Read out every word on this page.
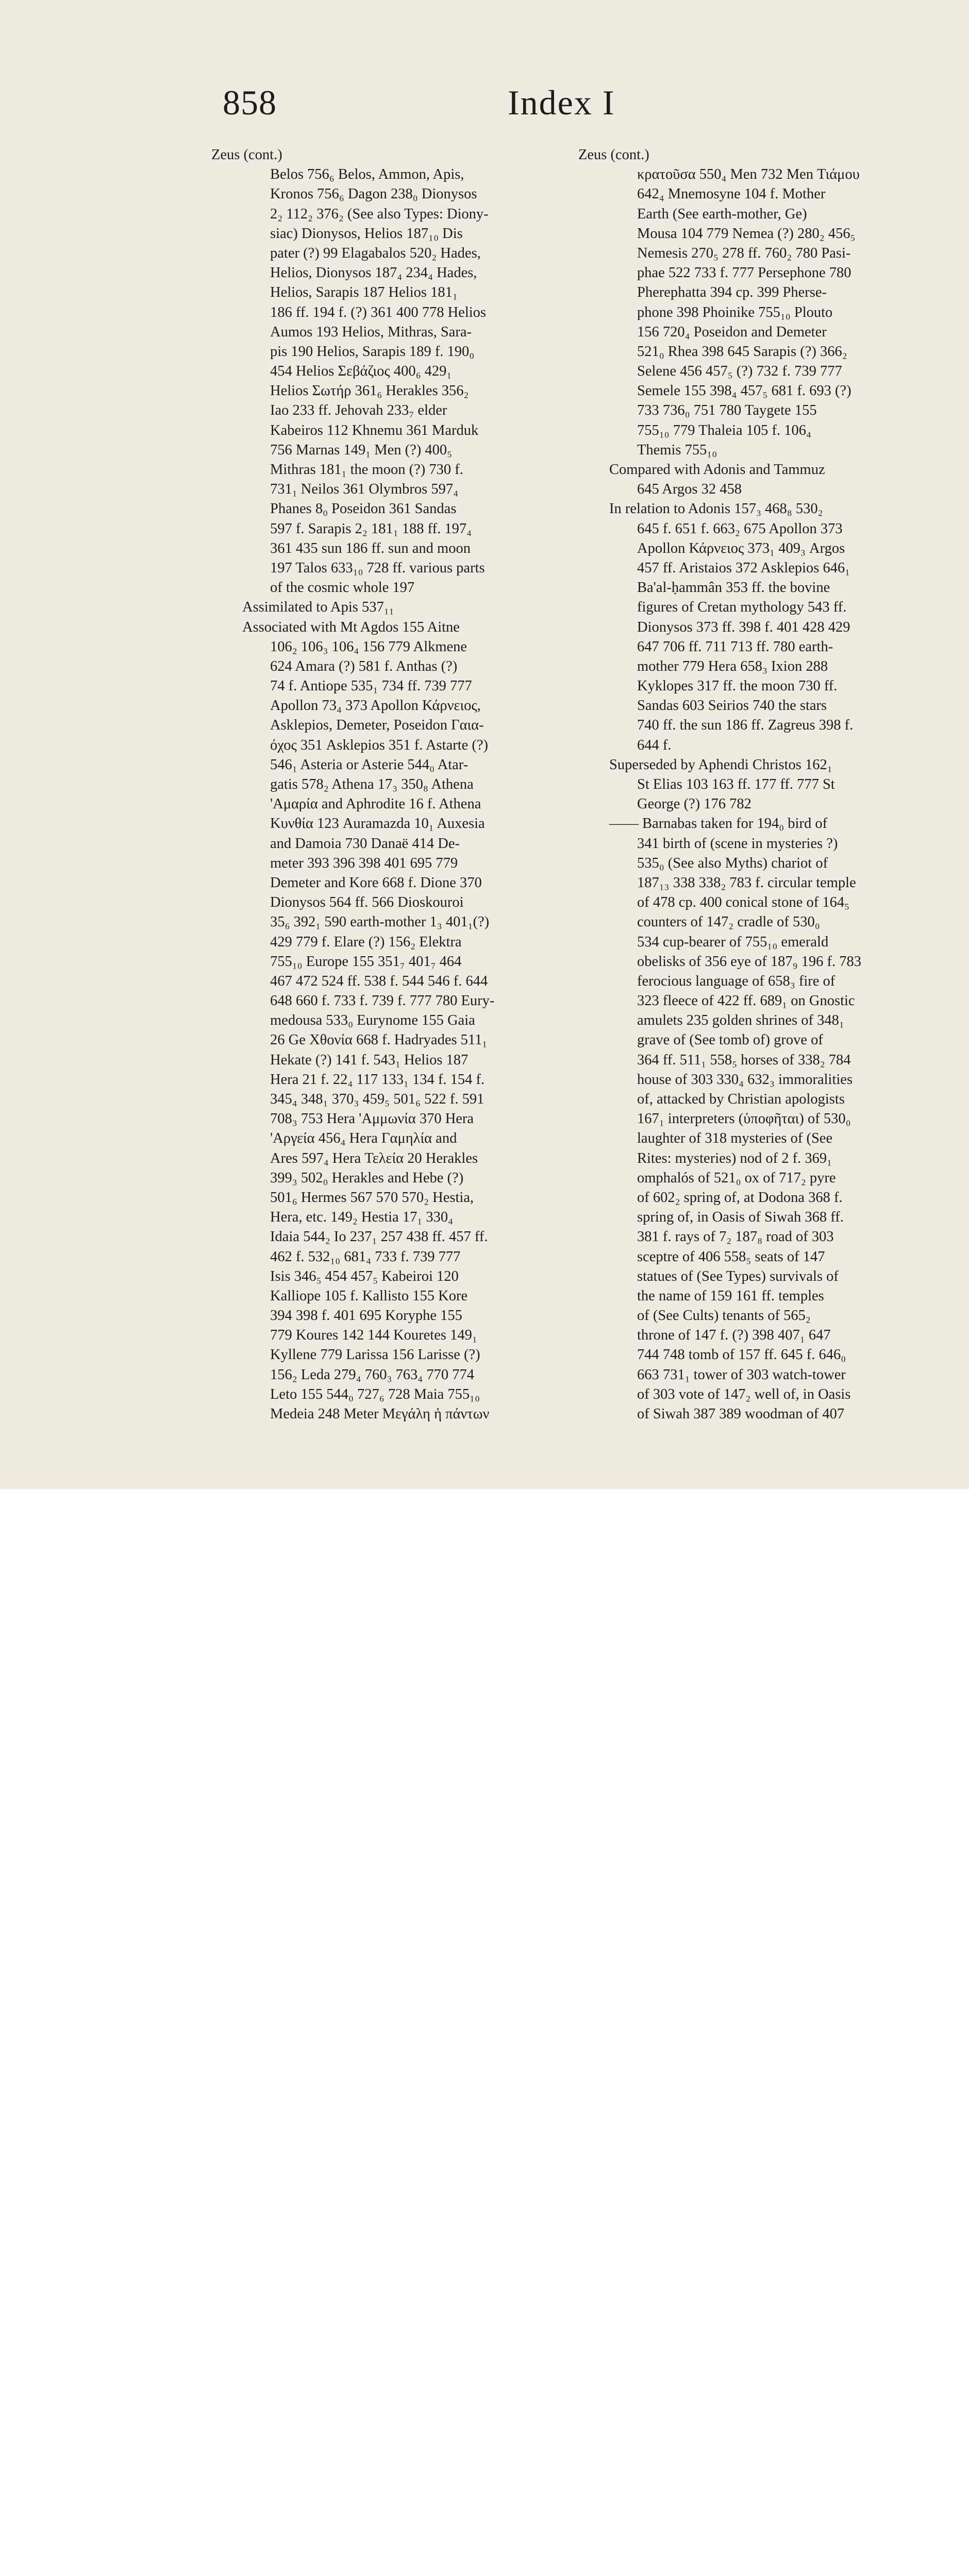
858	Index I
Zeus (cont.)
Belos 756₆ Belos, Ammon, Apis,
Kronos 756₆ Dagon 238₀ Dionysos
2₂ 112₂ 376₂ (See also Types: Diony-
siac) Dionysos, Helios 187₁₀ Dis
pater (?) 99 Elagabalos 520₂ Hades,
Helios, Dionysos 187₄ 234₄ Hades,
Helios, Sarapis 187 Helios 181₁
186 ff. 194 f. (?) 361 400 778 Helios
Aumos 193 Helios, Mithras, Sara-
pis 190 Helios, Sarapis 189 f. 190₀
454 Helios Σεβάζιος 400₆ 429₁
Helios Σωτήρ 361₆ Herakles 356₂
Iao 233 ff. Jehovah 233₇ elder
Kabeiros 112 Khnemu 361 Marduk
756 Marnas 149₁ Men (?) 400₅
Mithras 181₁ the moon (?) 730 f.
731₁ Neilos 361 Olymbros 597₄
Phanes 8₀ Poseidon 361 Sandas
597 f. Sarapis 2₂ 181₁ 188 ff. 197₄
361 435 sun 186 ff. sun and moon
197 Talos 633₁₀ 728 ff. various parts
of the cosmic whole 197
Assimilated to Apis 537₁₁
Associated with Mt Agdos 155 Aitne
106₂ 106₃ 106₄ 156 779 Alkmene
624 Amara (?) 581 f. Anthas (?)
74 f. Antiope 535₁ 734 ff. 739 777
Apollon 73₄ 373 Apollon Κάρνειος,
Asklepios, Demeter, Poseidon Γαια-
όχος 351 Asklepios 351 f. Astarte (?)
546₁ Asteria or Asterie 544₀ Atar-
gatis 578₂ Athena 17₃ 350₈ Athena
'Αμαρία and Aphrodite 16 f. Athena
Κυνθία 123 Auramazda 10₁ Auxesia
and Damoia 730 Danaë 414 De-
meter 393 396 398 401 695 779
Demeter and Kore 668 f. Dione 370
Dionysos 564 ff. 566 Dioskouroi
35₆ 392₁ 590 earth-mother 1₃ 401₁(?)
429 779 f. Elare (?) 156₂ Elektra
755₁₀ Europe 155 351₇ 401₇ 464
467 472 524 ff. 538 f. 544 546 f. 644
648 660 f. 733 f. 739 f. 777 780 Eury-
medousa 533₀ Eurynome 155 Gaia
26 Ge Χθονία 668 f. Hadryades 511₁
Hekate (?) 141 f. 543₁ Helios 187
Hera 21 f. 22₄ 117 133₁ 134 f. 154 f.
345₄ 348₁ 370₃ 459₅ 501₆ 522 f. 591
708₃ 753 Hera 'Αμμωνία 370 Hera
'Αργεία 456₄ Hera Γαμηλία and
Ares 597₄ Hera Τελεία 20 Herakles
399₃ 502₀ Herakles and Hebe (?)
501₆ Hermes 567 570 570₂ Hestia,
Hera, etc. 149₂ Hestia 17₁ 330₄
Idaia 544₂ Io 237₁ 257 438 ff. 457 ff.
462 f. 532₁₀ 681₄ 733 f. 739 777
Isis 346₅ 454 457₅ Kabeiroi 120
Kalliope 105 f. Kallisto 155 Kore
394 398 f. 401 695 Koryphe 155
779 Koures 142 144 Kouretes 149₁
Kyllene 779 Larissa 156 Larisse (?)
156₂ Leda 279₄ 760₃ 763₄ 770 774
Leto 155 544₀ 727₆ 728 Maia 755₁₀
Medeia 248 Meter Μεγάλη ἡ πάντων
Zeus (cont.)
κρατοῦσα 550₄ Men 732 Men Τιάμου
642₄ Mnemosyne 104 f. Mother
Earth (See earth-mother, Ge)
Mousa 104 779 Nemea (?) 280₂ 456₅
Nemesis 270₅ 278 ff. 760₂ 780 Pasi-
phae 522 733 f. 777 Persephone 780
Pherephatta 394 cp. 399 Pherse-
phone 398 Phoinike 755₁₀ Plouto
156 720₄ Poseidon and Demeter
521₀ Rhea 398 645 Sarapis (?) 366₂
Selene 456 457₅ (?) 732 f. 739 777
Semele 155 398₄ 457₅ 681 f. 693 (?)
733 736₀ 751 780 Taygete 155
755₁₀ 779 Thaleia 105 f. 106₄
Themis 755₁₀
Compared with Adonis and Tammuz
645 Argos 32 458
In relation to Adonis 157₃ 468₈ 530₂
645 f. 651 f. 663₂ 675 Apollon 373
Apollon Κάρνειος 373₁ 409₃ Argos
457 ff. Aristaios 372 Asklepios 646₁
Ba'al-ḥammân 353 ff. the bovine
figures of Cretan mythology 543 ff.
Dionysos 373 ff. 398 f. 401 428 429
647 706 ff. 711 713 ff. 780 earth-
mother 779 Hera 658₃ Ixion 288
Kyklopes 317 ff. the moon 730 ff.
Sandas 603 Seirios 740 the stars
740 ff. the sun 186 ff. Zagreus 398 f.
644 f.
Superseded by Aphendi Christos 162₁
St Elias 103 163 ff. 177 ff. 777 St
George (?) 176 782
—— Barnabas taken for 194₀ bird of
341 birth of (scene in mysteries ?)
535₀ (See also Myths) chariot of
187₁₃ 338 338₂ 783 f. circular temple
of 478 cp. 400 conical stone of 164₅
counters of 147₂ cradle of 530₀
534 cup-bearer of 755₁₀ emerald
obelisks of 356 eye of 187₉ 196 f. 783
ferocious language of 658₃ fire of
323 fleece of 422 ff. 689₁ on Gnostic
amulets 235 golden shrines of 348₁
grave of (See tomb of) grove of
364 ff. 511₁ 558₅ horses of 338₂ 784
house of 303 330₄ 632₃ immoralities
of, attacked by Christian apologists
167₁ interpreters (ὑποφῆται) of 530₀
laughter of 318 mysteries of (See
Rites: mysteries) nod of 2 f. 369₁
omphalós of 521₀ ox of 717₂ pyre
of 602₂ spring of, at Dodona 368 f.
spring of, in Oasis of Siwah 368 ff.
381 f. rays of 7₂ 187₈ road of 303
sceptre of 406 558₅ seats of 147
statues of (See Types) survivals of
the name of 159 161 ff. temples
of (See Cults) tenants of 565₂
throne of 147 f. (?) 398 407₁ 647
744 748 tomb of 157 ff. 645 f. 646₀
663 731₁ tower of 303 watch-tower
of 303 vote of 147₂ well of, in Oasis
of Siwah 387 389 woodman of 407
